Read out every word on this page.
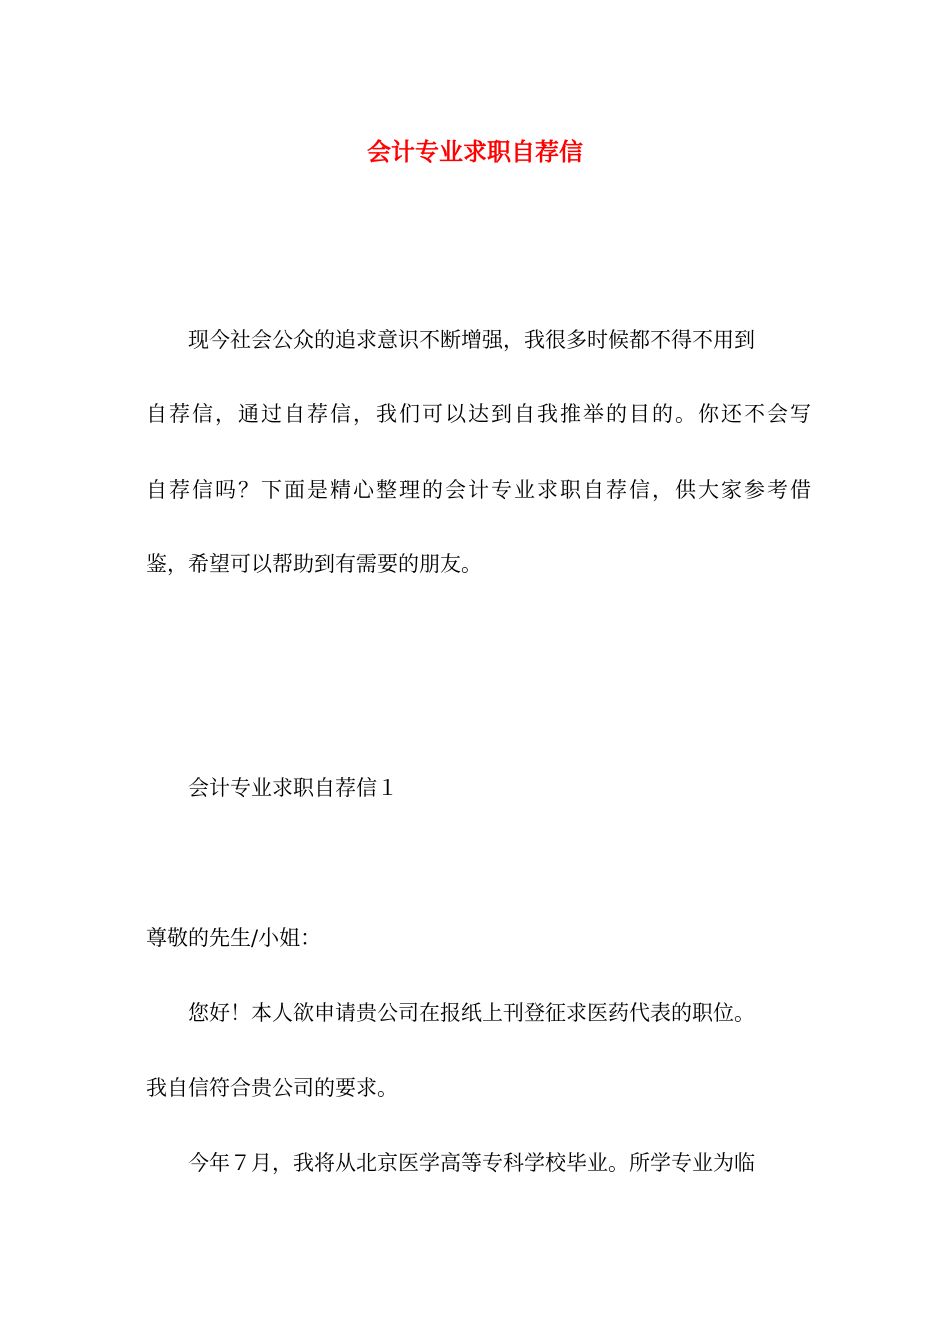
会计专业求职自荐信

现今社会公众的追求意识不断增强，我很多时候都不得不用到

自荐信，通过自荐信，我们可以达到自我推举的目的。你还不会写

自荐信吗？下面是精心整理的会计专业求职自荐信，供大家参考借

鉴，希望可以帮助到有需要的朋友。

会计专业求职自荐信１

尊敬的先生/小姐：

您好！本人欲申请贵公司在报纸上刊登征求医药代表的职位。

我自信符合贵公司的要求。

今年７月，我将从北京医学高等专科学校毕业。所学专业为临
